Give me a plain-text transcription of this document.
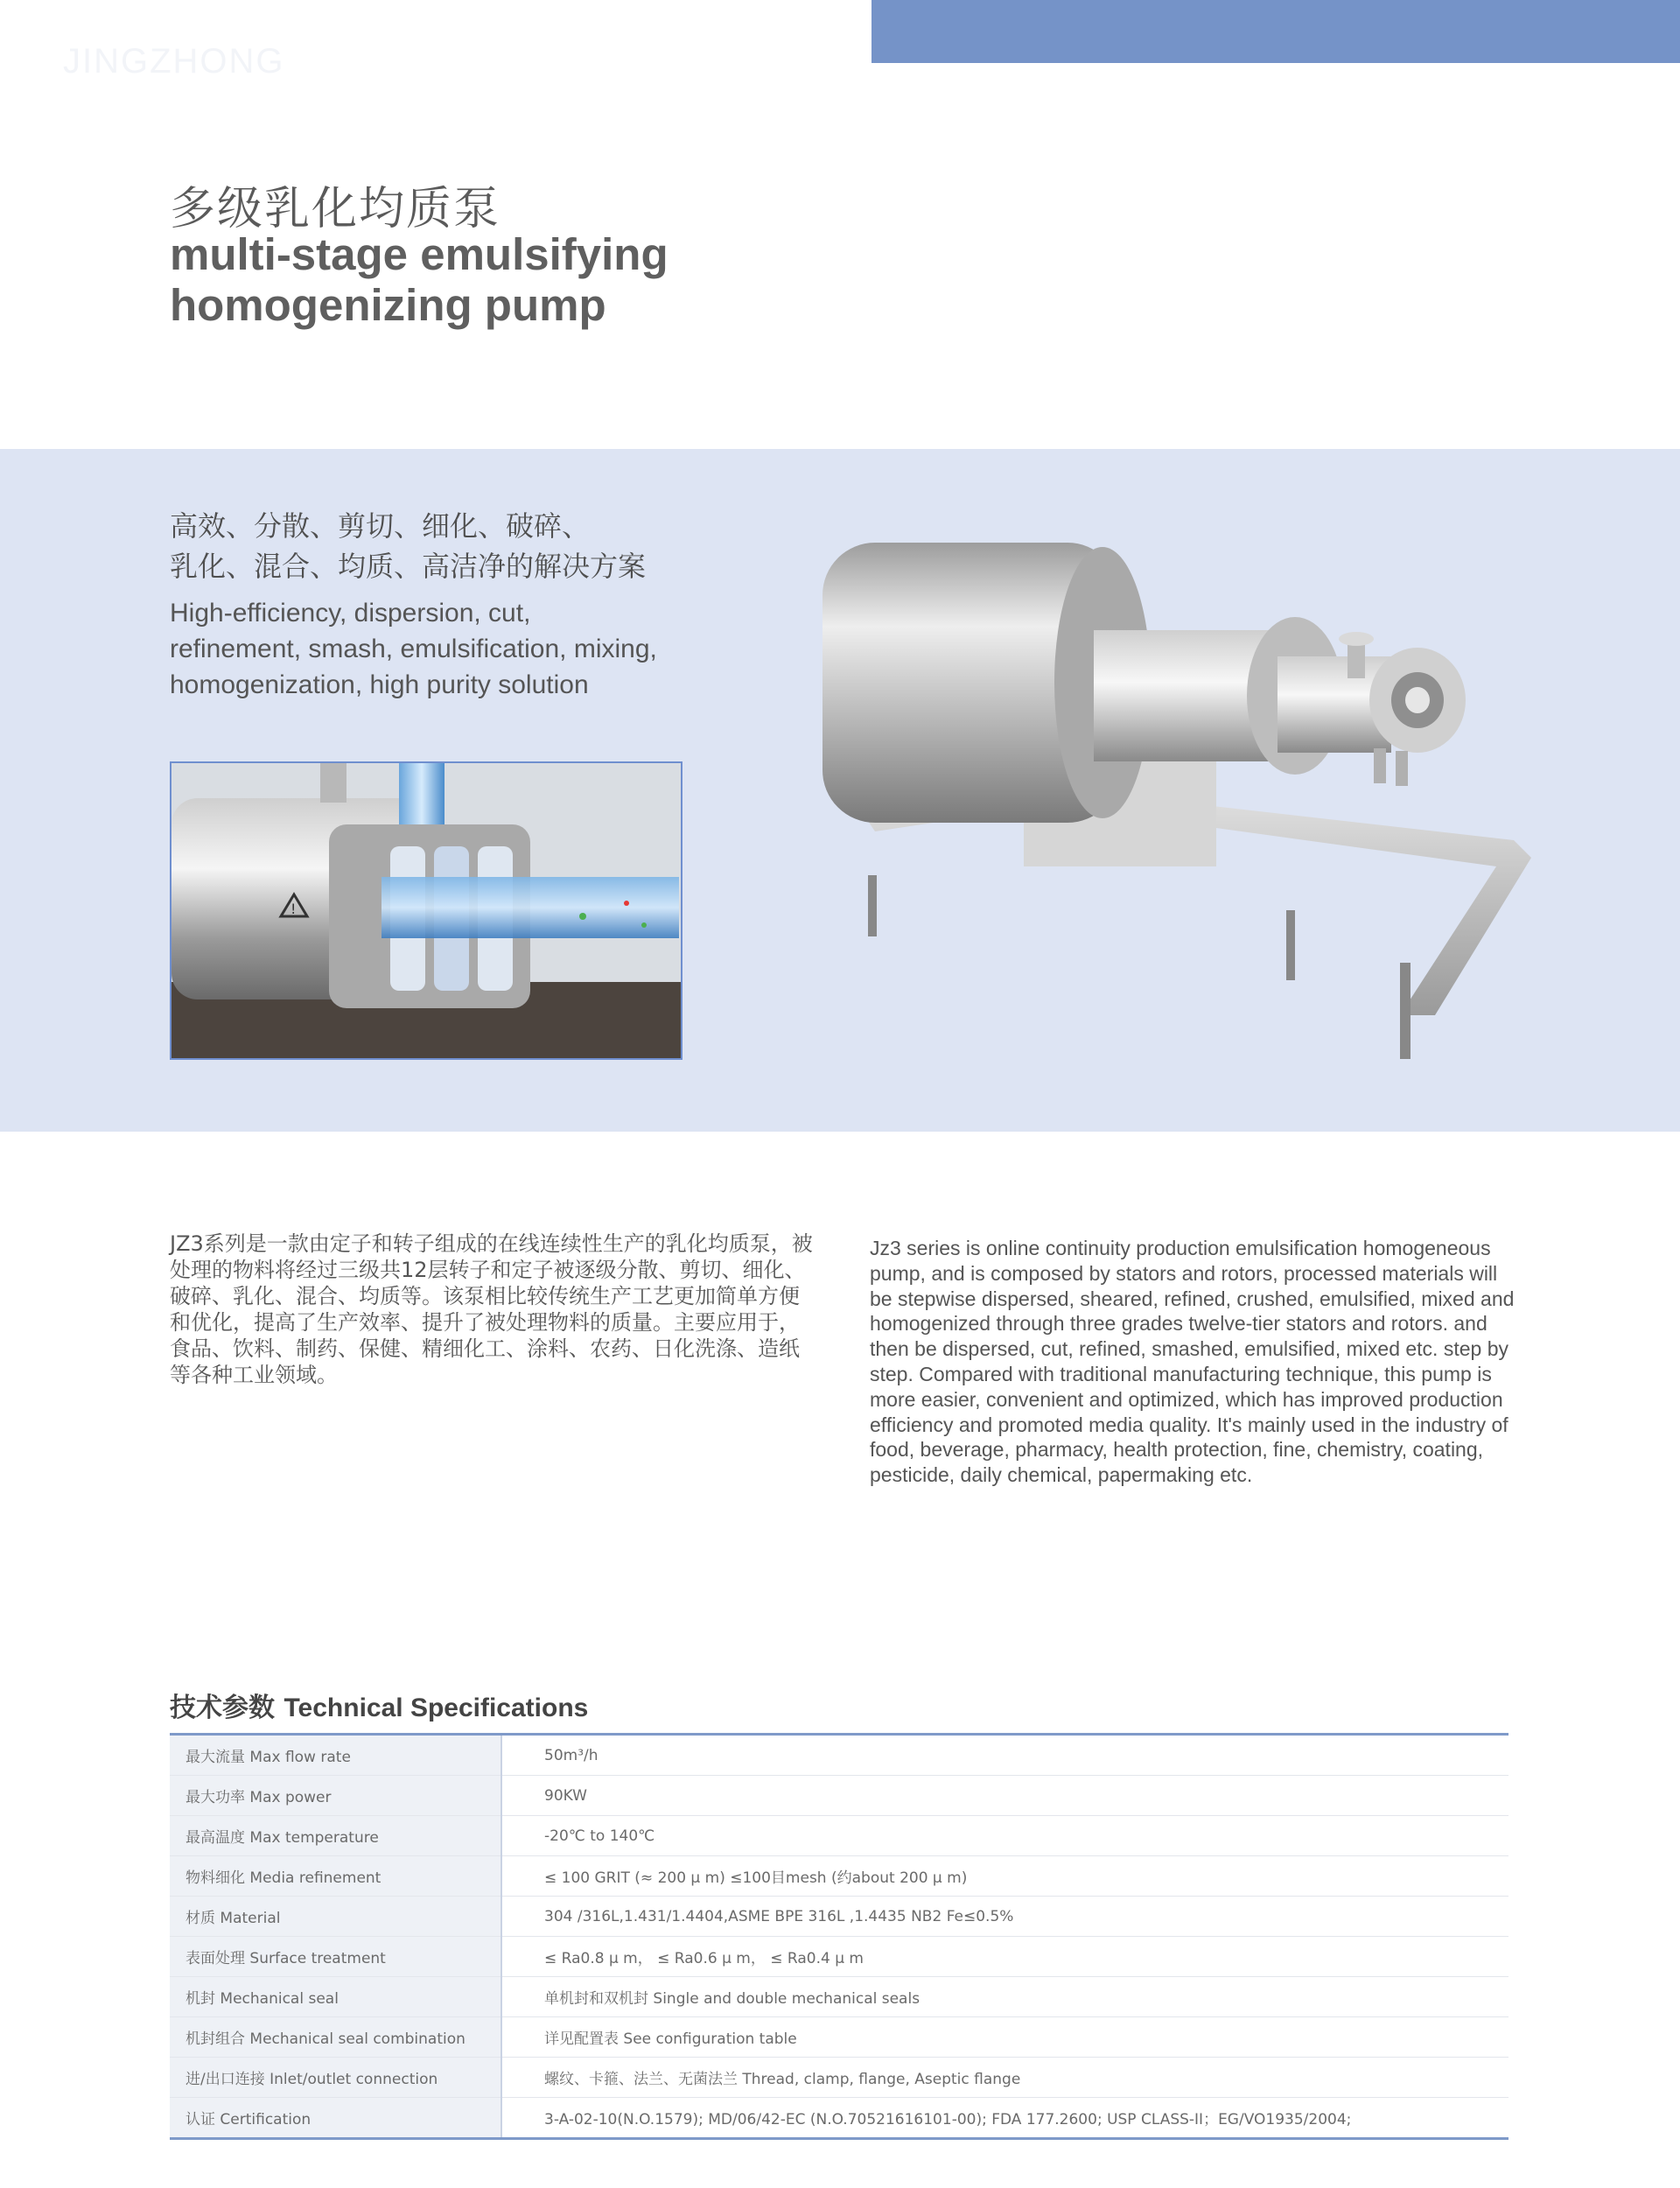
JINGZHONG
多级乳化均质泵
multi-stage emulsifying
homogenizing pump
高效、分散、剪切、细化、破碎、
乳化、混合、均质、高洁净的解决方案
High-efficiency, dispersion, cut,
refinement, smash, emulsification, mixing,
homogenization, high purity solution
!
JZ3系列是一款由定子和转子组成的在线连续性生产的乳化均质泵，被处理的物料将经过三级共12层转子和定子被逐级分散、剪切、细化、破碎、乳化、混合、均质等。该泵相比较传统生产工艺更加简单方便和优化，提高了生产效率、提升了被处理物料的质量。主要应用于，食品、饮料、制药、保健、精细化工、涂料、农药、日化洗涤、造纸等各种工业领域。
Jz3 series is online continuity production emulsification homogeneous pump, and is composed by stators and rotors, processed materials will be stepwise dispersed, sheared, refined, crushed, emulsified, mixed and homogenized through three grades twelve-tier stators and rotors. and then be dispersed, cut, refined, smashed, emulsified, mixed etc. step by step. Compared with traditional manufacturing technique, this pump is more easier, convenient and optimized, which has improved production efficiency and promoted media quality. It's mainly used in the industry of food, beverage, pharmacy, health protection, fine, chemistry, coating, pesticide, daily chemical, papermaking etc.
技术参数 Technical Specifications
最大流量 Max flow rate	50m³/h
最大功率 Max power	90KW
最高温度 Max temperature	-20℃ to 140℃
物料细化 Media refinement	≤ 100 GRIT (≈ 200 μ m) ≤100目mesh (约about 200 μ m)
材质 Material	304 /316L,1.431/1.4404,ASME BPE 316L ,1.4435 NB2 Fe≤0.5%
表面处理 Surface treatment	≤ Ra0.8 μ m， ≤ Ra0.6 μ m， ≤ Ra0.4 μ m
机封 Mechanical seal	单机封和双机封 Single and double mechanical seals
机封组合 Mechanical seal combination	详见配置表 See configuration table
进/出口连接 Inlet/outlet connection	螺纹、卡箍、法兰、无菌法兰 Thread, clamp, flange, Aseptic flange
认证 Certification	3-A-02-10(N.O.1579); MD/06/42-EC (N.O.70521616101-00); FDA 177.2600; USP CLASS-II；EG/VO1935/2004;
